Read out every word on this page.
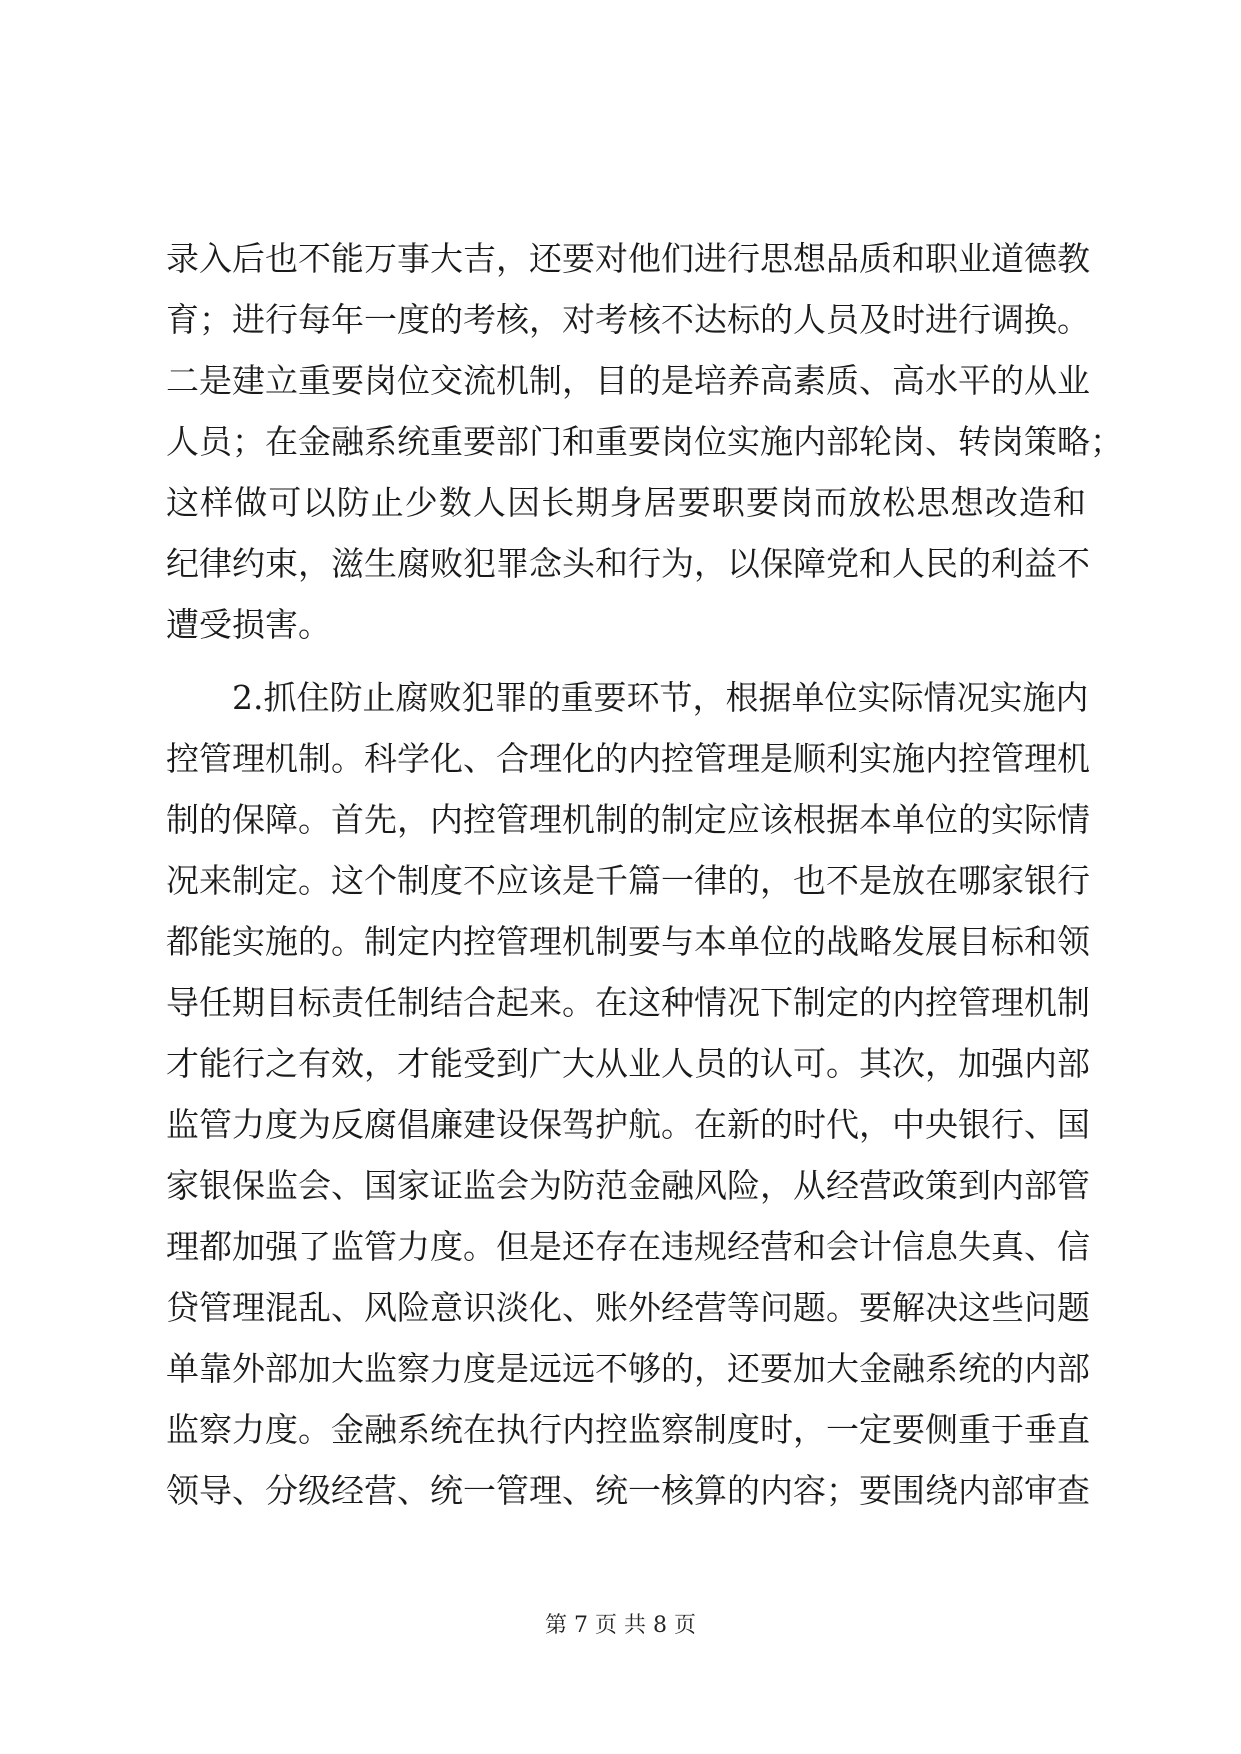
录入后也不能万事大吉，还要对他们进行思想品质和职业道德教
育；进行每年一度的考核，对考核不达标的人员及时进行调换。
二是建立重要岗位交流机制，目的是培养高素质、高水平的从业
人员；在金融系统重要部门和重要岗位实施内部轮岗、转岗策略；
这样做可以防止少数人因长期身居要职要岗而放松思想改造和
纪律约束，滋生腐败犯罪念头和行为，以保障党和人民的利益不
遭受损害。
2.抓住防止腐败犯罪的重要环节，根据单位实际情况实施内
控管理机制。科学化、合理化的内控管理是顺利实施内控管理机
制的保障。首先，内控管理机制的制定应该根据本单位的实际情
况来制定。这个制度不应该是千篇一律的，也不是放在哪家银行
都能实施的。制定内控管理机制要与本单位的战略发展目标和领
导任期目标责任制结合起来。在这种情况下制定的内控管理机制
才能行之有效，才能受到广大从业人员的认可。其次，加强内部
监管力度为反腐倡廉建设保驾护航。在新的时代，中央银行、国
家银保监会、国家证监会为防范金融风险，从经营政策到内部管
理都加强了监管力度。但是还存在违规经营和会计信息失真、信
贷管理混乱、风险意识淡化、账外经营等问题。要解决这些问题
单靠外部加大监察力度是远远不够的，还要加大金融系统的内部
监察力度。金融系统在执行内控监察制度时，一定要侧重于垂直
领导、分级经营、统一管理、统一核算的内容；要围绕内部审查
第 7 页 共 8 页
